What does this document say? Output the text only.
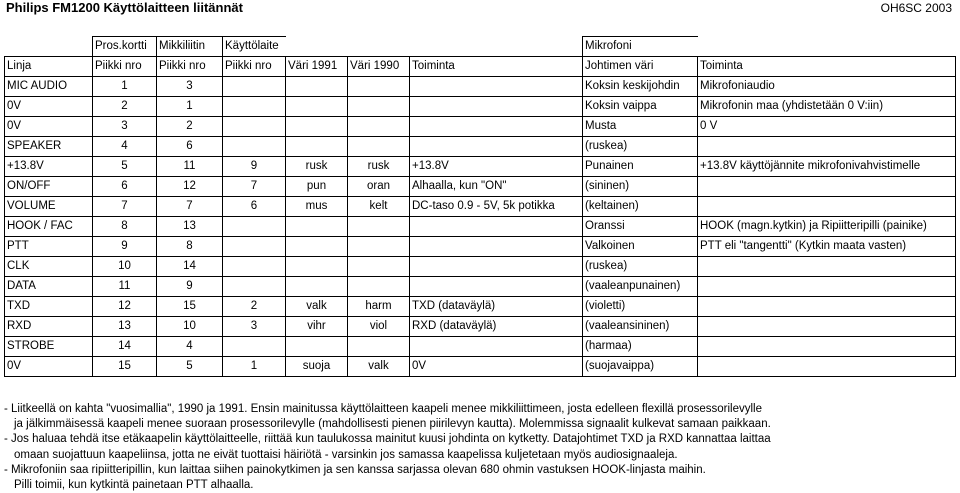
Philips FM1200 Käyttölaitteen liitännät	OH6SC 2003
	Pros.kortti	Mikkiliitin	Käyttölaite				Mikrofoni	
Linja	Piikki nro	Piikki nro	Piikki nro	Väri 1991	Väri 1990	Toiminta	Johtimen väri	Toiminta
MIC AUDIO	1	3					Koksin keskijohdin	Mikrofoniaudio
0V	2	1					Koksin vaippa	Mikrofonin maa (yhdistetään 0 V:iin)
0V	3	2					Musta	0 V
SPEAKER	4	6					(ruskea)	
+13.8V	5	11	9	rusk	rusk	+13.8V	Punainen	+13.8V käyttöjännite mikrofonivahvistimelle
ON/OFF	6	12	7	pun	oran	Alhaalla, kun "ON"	(sininen)	
VOLUME	7	7	6	mus	kelt	DC-taso 0.9 - 5V, 5k potikka	(keltainen)	
HOOK / FAC	8	13					Oranssi	HOOK (magn.kytkin) ja Ripiitteripilli (painike)
PTT	9	8					Valkoinen	PTT eli "tangentti" (Kytkin maata vasten)
CLK	10	14					(ruskea)	
DATA	11	9					(vaaleanpunainen)	
TXD	12	15	2	valk	harm	TXD (dataväylä)	(violetti)	
RXD	13	10	3	vihr	viol	RXD (dataväylä)	(vaaleansininen)	
STROBE	14	4					(harmaa)	
0V	15	5	1	suoja	valk	0V	(suojavaippa)	
- Liitkeellä on kahta "vuosimallia", 1990 ja 1991. Ensin mainitussa käyttölaitteen kaapeli menee mikkiliittimeen, josta edelleen flexillä prosessorilevylle
ja jälkimmäisessä kaapeli menee suoraan prosessorilevylle (mahdollisesti pienen piirilevyn kautta). Molemmissa signaalit kulkevat samaan paikkaan.
- Jos haluaa tehdä itse etäkaapelin käyttölaitteelle, riittää kun taulukossa mainitut kuusi johdinta on kytketty. Datajohtimet TXD ja RXD kannattaa laittaa
omaan suojattuun kaapeliinsa, jotta ne eivät tuottaisi häiriötä - varsinkin jos samassa kaapelissa kuljetetaan myös audiosignaaleja.
- Mikrofoniin saa ripiitteripillin, kun laittaa siihen painokytkimen ja sen kanssa sarjassa olevan 680 ohmin vastuksen HOOK-linjasta maihin.
Pilli toimii, kun kytkintä painetaan PTT alhaalla.
